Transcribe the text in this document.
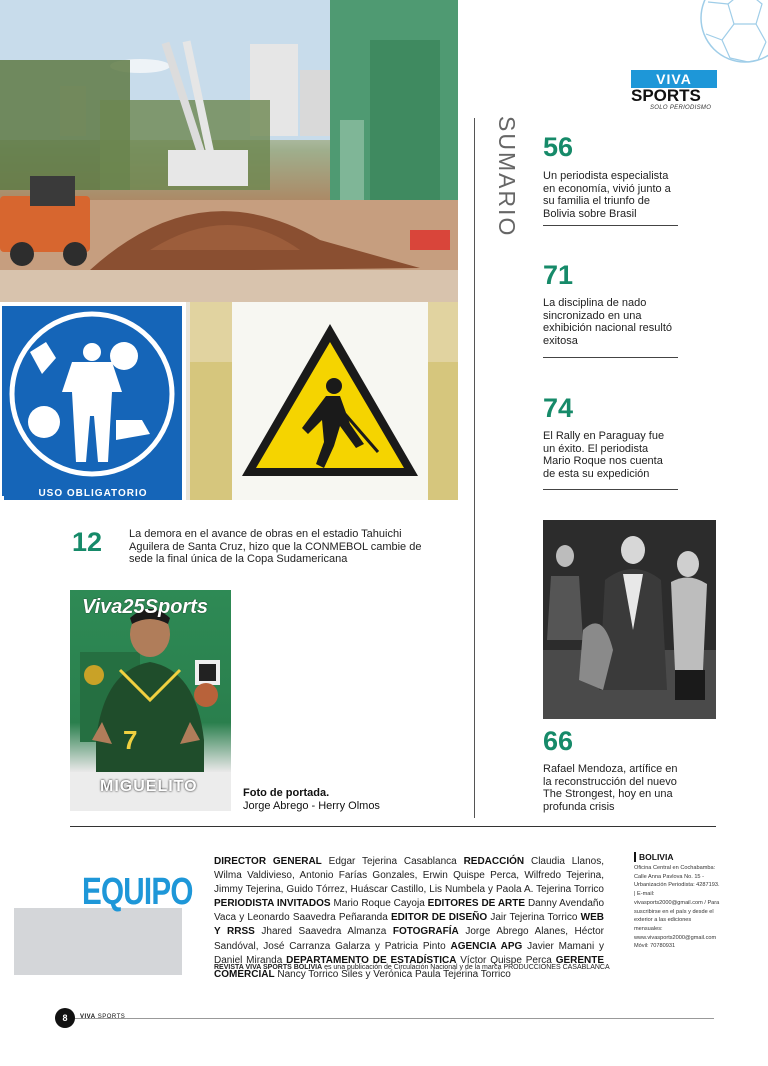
USO OBLIGATORIO
VIVA
SPORTS
SOLO PERIODISMO
SUMARIO 56
Un periodista especialista en economía, vivió junto a su familia el triunfo de Bolivia sobre Brasil
71
La disciplina de nado sincronizado en una exhibición nacional resultó exitosa
74
El Rally en Paraguay fue un éxito. El periodista Mario Roque nos cuenta de esta su expedición
66
Rafael Mendoza, artífice en la reconstrucción del nuevo The Strongest, hoy en una profunda crisis
12 La demora en el avance de obras en el estadio Tahuichi Aguilera de Santa Cruz, hizo que la CONMEBOL cambie de sede la final única de la Copa Sudamericana
Viva25Sports
7
MIGUELITO	Foto de portada.
Jorge Abrego - Herry Olmos
EQUIPO
DIRECTOR GENERAL Edgar Tejerina Casablanca REDACCIÓN Claudia Llanos, Wilma Valdivieso, Antonio Farías Gonzales, Erwin Quispe Perca, Wilfredo Tejerina, Jimmy Tejerina, Guido Tórrez, Huáscar Castillo, Lis Numbela y Paola A. Tejerina Torrico PERIODISTA INVITADOS Mario Roque Cayoja EDITORES DE ARTE Danny Avendaño Vaca y Leonardo Saavedra Peñaranda EDITOR DE DISEÑO Jair Tejerina Torrico WEB Y RRSS Jhared Saavedra Almanza FOTOGRAFÍA Jorge Abrego Alanes, Héctor Sandóval, José Carranza Galarza y Patricia Pinto AGENCIA APG Javier Mamani y Daniel Miranda DEPARTAMENTO DE ESTADÍSTICA Víctor Quispe Perca GERENTE COMERCIAL Nancy Torrico Siles y Verónica Paula Tejerina Torrico
REVISTA VIVA SPORTS BOLIVIA es una publicación de Circulación Nacional y de la marca PRODUCCIONES CASABLANCA
BOLIVIA
Oficina Central en Cochabamba: Calle Anna Pavlova No. 15 - Urbanización Periodista: 4287193. | E-mail: vivasports2000@gmail.com / Para suscribirse en el país y desde el exterior a las ediciones mensuales: www.vivasports2000@gmail.com Móvil: 70780931
8	VIVA SPORTS
